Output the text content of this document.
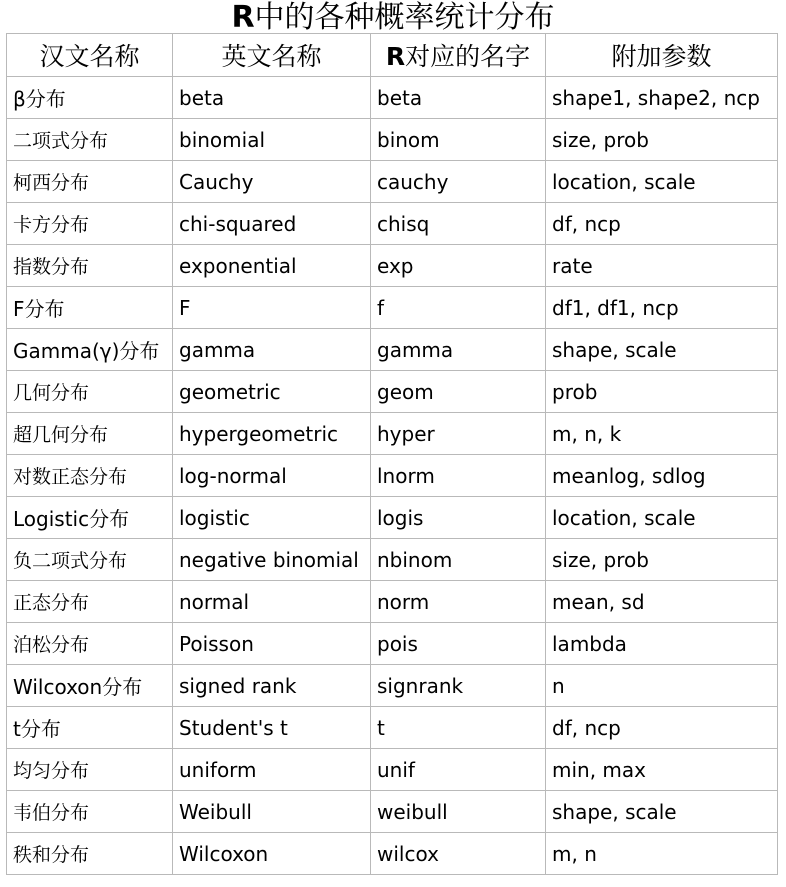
R中的各种概率统计分布
汉文名称	英文名称	R对应的名字	附加参数
β分布	beta	beta	shape1, shape2, ncp
二项式分布	binomial	binom	size, prob
柯西分布	Cauchy	cauchy	location, scale
卡方分布	chi-squared	chisq	df, ncp
指数分布	exponential	exp	rate
F分布	F	f	df1, df1, ncp
Gamma(γ)分布	gamma	gamma	shape, scale
几何分布	geometric	geom	prob
超几何分布	hypergeometric	hyper	m, n, k
对数正态分布	log-normal	lnorm	meanlog, sdlog
Logistic分布	logistic	logis	location, scale
负二项式分布	negative binomial	nbinom	size, prob
正态分布	normal	norm	mean, sd
泊松分布	Poisson	pois	lambda
Wilcoxon分布	signed rank	signrank	n
t分布	Student's t	t	df, ncp
均匀分布	uniform	unif	min, max
韦伯分布	Weibull	weibull	shape, scale
秩和分布	Wilcoxon	wilcox	m, n
